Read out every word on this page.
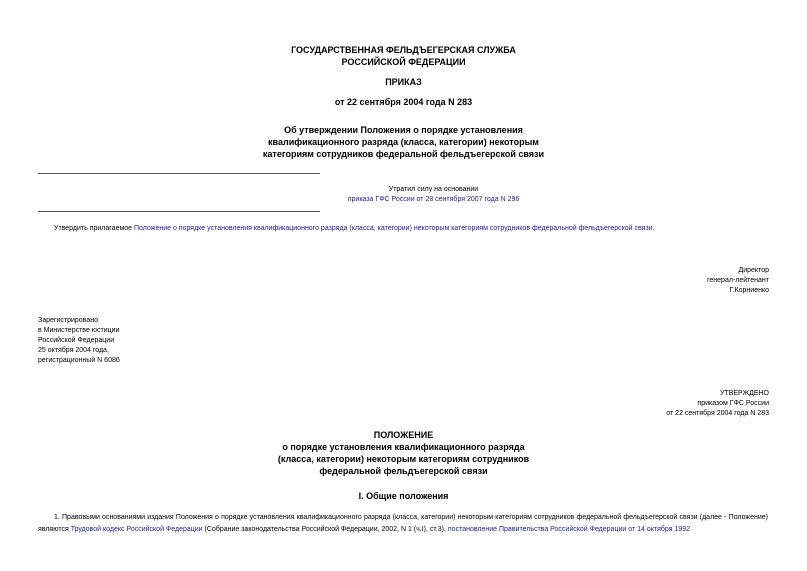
ГОСУДАРСТВЕННАЯ ФЕЛЬДЪЕГЕРСКАЯ СЛУЖБА
РОССИЙСКОЙ ФЕДЕРАЦИИ
ПРИКАЗ
от 22 сентября 2004 года N 283
Об утверждении Положения о порядке установления
квалификационного разряда (класса, категории) некоторым
категориям сотрудников федеральной фельдъегерской связи
Утратил силу на основании
приказа ГФС России от 28 сентября 2007 года N 296
Утвердить прилагаемое Положение о порядке установления квалификационного разряда (класса, категории) некоторым категориям сотрудников федеральной фельдъегерской связи.
Директор
генерал-лейтенант
Г.Корниенко
Зарегистрировано
в Министерстве юстиции
Российской Федерации
25 октября 2004 года,
регистрационный N 6086
УТВЕРЖДЕНО
приказом ГФС России
от 22 сентября 2004 года N 283
ПОЛОЖЕНИЕ
о порядке установления квалификационного разряда
(класса, категории) некоторым категориям сотрудников
федеральной фельдъегерской связи
I. Общие положения
1. Правовыми основаниями издания Положения о порядке установления квалификационного разряда (класса, категории) некоторым категориям сотрудников федеральной фельдъегерской связи (далее - Положение) являются Трудовой кодекс Российской Федерации (Собрание законодательства Российской Федерации, 2002, N 1 (ч.I), ст.3), постановление Правительства Российской Федерации от 14 октября 1992
